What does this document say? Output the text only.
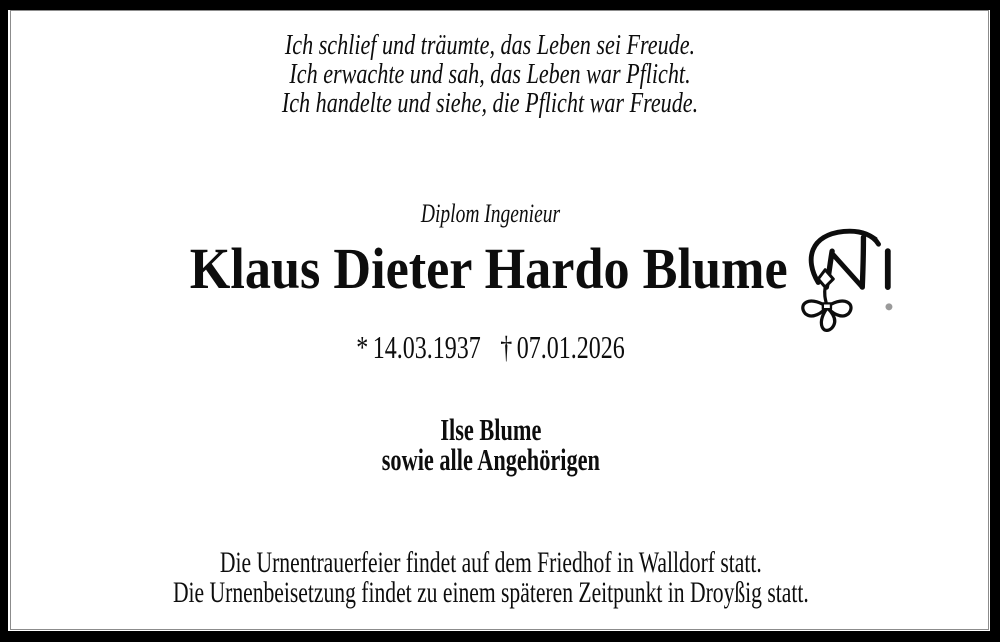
Ich schlief und träumte, das Leben sei Freude.
Ich erwachte und sah, das Leben war Pflicht.
Ich handelte und siehe, die Pflicht war Freude.
Diplom Ingenieur
Klaus Dieter Hardo Blume
* 14.03.1937 † 07.01.2026
Ilse Blume
sowie alle Angehörigen
Die Urnentrauerfeier findet auf dem Friedhof in Walldorf statt.
Die Urnenbeisetzung findet zu einem späteren Zeitpunkt in Droyßig statt.
